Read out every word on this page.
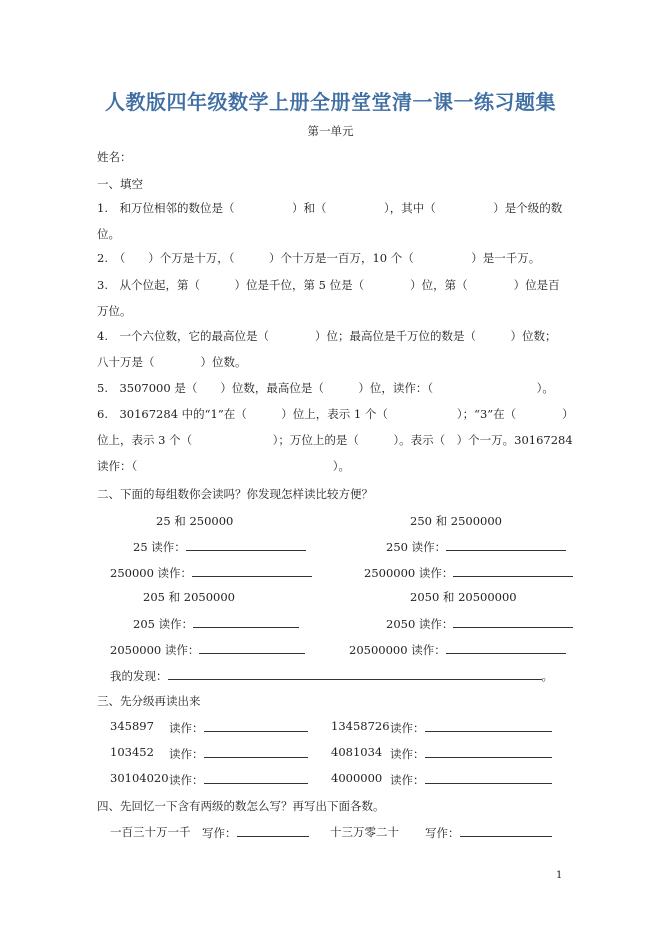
人教版四年级数学上册全册堂堂清一课一练习题集
第一单元
姓名：
一、填空
1.　和万位相邻的数位是（　　　　　）和（　　　　　），其中（　　　　　）是个级的数
位。
2.　（　　）个万是十万，（　　　）个十万是一百万，10 个（　　　　　）是一千万。
3.　从个位起，第（　　　）位是千位，第 5 位是（　　　　）位，第（　　　　）位是百
万位。
4.　一个六位数，它的最高位是（　　　　）位；最高位是千万位的数是（　　　）位数；
八十万是（　　　　）位数。
5.　3507000 是（　　）位数，最高位是（　　　）位，读作：（　　　　　　　　　）。
6.　30167284 中的“1”在（　　　）位上，表示 1 个（　　　　　　）；“3”在（　　　　）
位上，表示 3 个（　　　　　　　）；万位上的是（　　　）。表示（　）个一万。30167284
读作：（　　　　　　　　　　　　　　　　　）。
二、下面的每组数你会读吗？你发现怎样读比较方便？
25 和 250000	250 和 2500000
25 读作：	250 读作：
250000 读作：	2500000 读作：
205 和 2050000	2050 和 20500000
205 读作：	2050 读作：
2050000 读作：	20500000 读作：
我的发现：	。
三、先分级再读出来
345897 读作：	13458726 读作：
103452 读作：	4081034 读作：
30104020 读作：	4000000 读作：
四、先回忆一下含有两级的数怎么写？再写出下面各数。
一百三十万一千 写作：	十三万零二十 写作：
1
